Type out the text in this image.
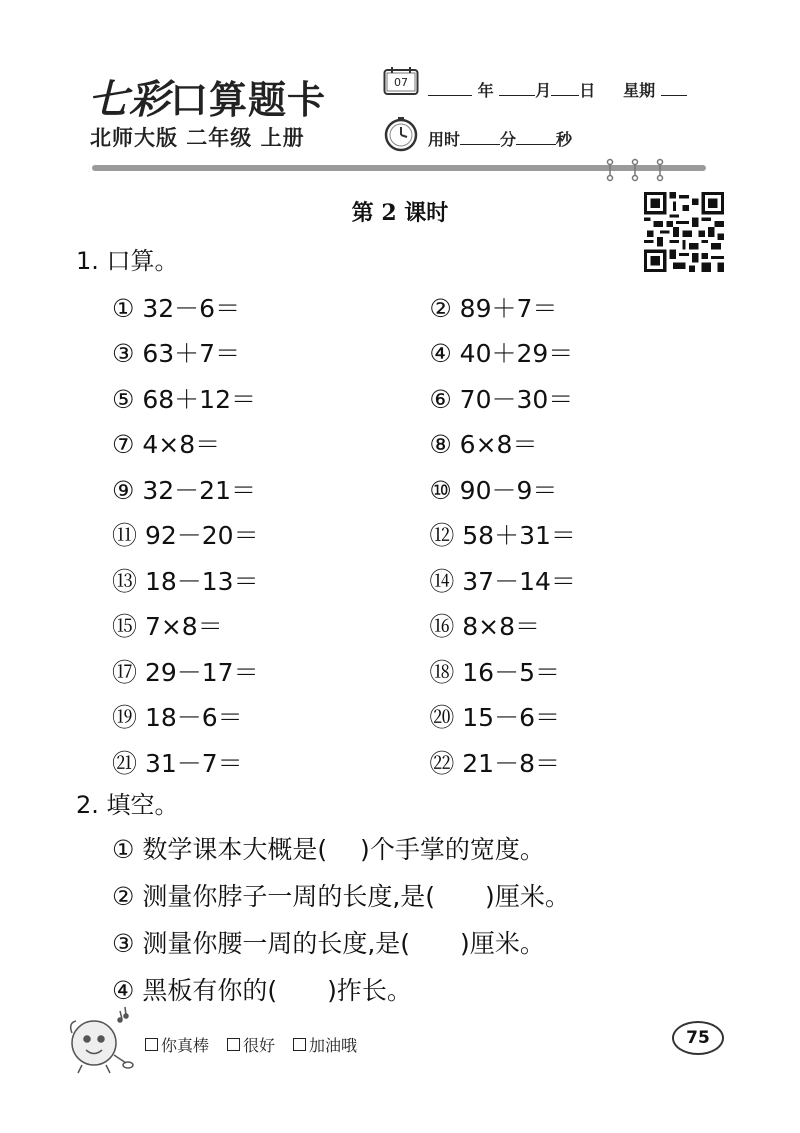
七彩口算题卡
北师大版 二年级 上册
07	年	月 日 星期
用时	分	秒
第 2 课时
1. 口算。
① 32－6＝	② 89＋7＝
③ 63＋7＝	④ 40＋29＝
⑤ 68＋12＝	⑥ 70－30＝
⑦ 4×8＝	⑧ 6×8＝
⑨ 32－21＝	⑩ 90－9＝
⑪ 92－20＝	⑫ 58＋31＝
⑬ 18－13＝	⑭ 37－14＝
⑮ 7×8＝	⑯ 8×8＝
⑰ 29－17＝	⑱ 16－5＝
⑲ 18－6＝	⑳ 15－6＝
㉑ 31－7＝	㉒ 21－8＝
2. 填空。
① 数学课本大概是(　 )个手掌的宽度。
② 测量你脖子一周的长度,是(　　)厘米。
③ 测量你腰一周的长度,是(　　)厘米。
④ 黑板有你的(　　)拃长。
你真棒 很好 加油哦	75
